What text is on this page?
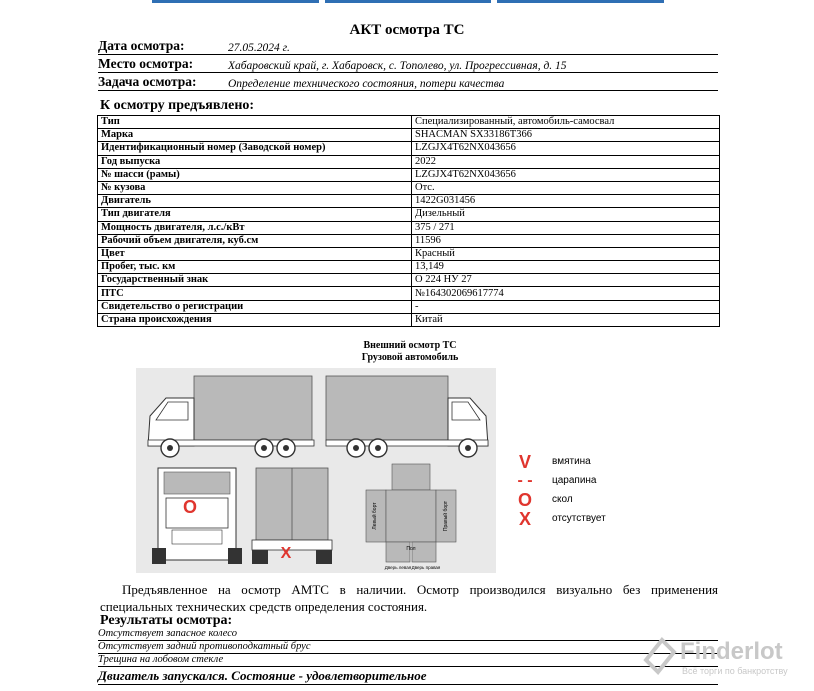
АКТ осмотра ТС
Дата осмотра:	27.05.2024 г.
Место осмотра:	Хабаровский край, г. Хабаровск, с. Тополево, ул. Прогрессивная, д. 15
Задача осмотра:	Определение технического состояния, потери качества
К осмотру предъявлено:
Тип	Специализированный, автомобиль-самосвал
Марка	SHACMAN SX33186T366
Идентификационный номер (Заводской номер)	LZGJX4T62NX043656
Год выпуска	2022
№ шасси (рамы)	LZGJX4T62NX043656
№ кузова	Отс.
Двигатель	1422G031456
Тип двигателя	Дизельный
Мощность двигателя, л.с./кВт	375 / 271
Рабочий объем двигателя, куб.см	11596
Цвет	Красный
Пробег, тыс. км	13,149
Государственный знак	О 224 НУ 27
ПТС	№164302069617774
Свидетельство о регистрации	-
Страна происхождения	Китай
Внешний осмотр ТС
Грузовой автомобиль
Левый борт	Правый борт
Пол
Дверь левая Дверь правая
О
Х
V	вмятина
- -	царапина
О	скол
Х	отсутствует
Предъявленное на осмотр АМТС в наличии. Осмотр производился визуально без применения специальных технических средств определения состояния.
Результаты осмотра:
Отсутствует запасное колесо
Отсутствует задний противоподкатный брус
Трещина на лобовом стекле
Двигатель запускался. Состояние - удовлетворительное
Finderlot
Всё торги по банкротству
